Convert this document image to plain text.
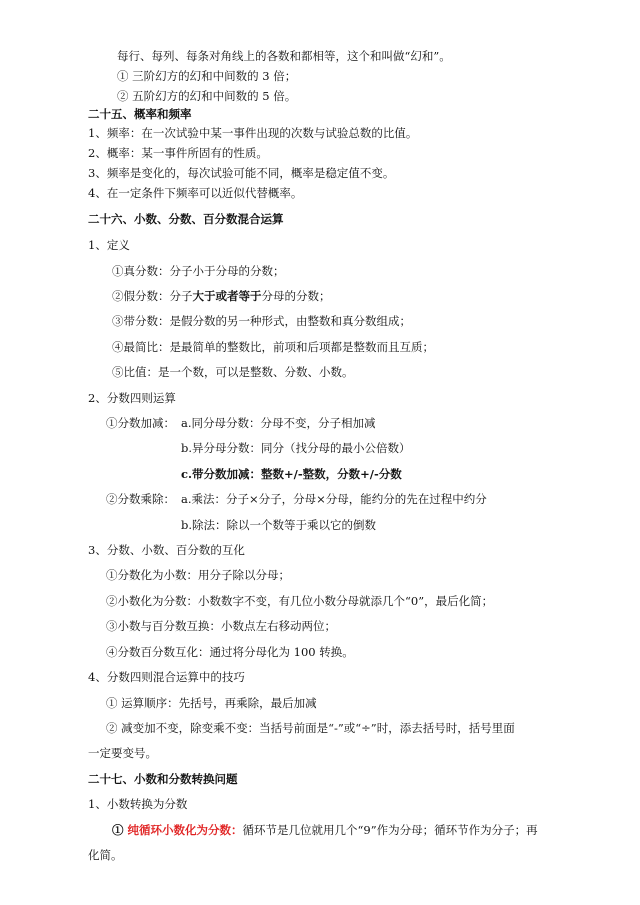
每行、每列、每条对角线上的各数和都相等，这个和叫做“幻和”。
① 三阶幻方的幻和中间数的 3 倍；
② 五阶幻方的幻和中间数的 5 倍。
二十五、概率和频率
1、频率：在一次试验中某一事件出现的次数与试验总数的比值。
2、概率：某一事件所固有的性质。
3、频率是变化的，每次试验可能不同，概率是稳定值不变。
4、在一定条件下频率可以近似代替概率。
二十六、小数、分数、百分数混合运算
1、定义
①真分数：分子小于分母的分数；
②假分数：分子大于或者等于分母的分数；
③带分数：是假分数的另一种形式，由整数和真分数组成；
④最简比：是最简单的整数比，前项和后项都是整数而且互质；
⑤比值：是一个数，可以是整数、分数、小数。
2、分数四则运算
①分数加减： a.同分母分数：分母不变，分子相加减
b.异分母分数：同分（找分母的最小公倍数）
c.带分数加减：整数+/-整数，分数+/-分数
②分数乘除： a.乘法：分子×分子，分母×分母，能约分的先在过程中约分
b.除法：除以一个数等于乘以它的倒数
3、分数、小数、百分数的互化
①分数化为小数：用分子除以分母；
②小数化为分数：小数数字不变，有几位小数分母就添几个“0”，最后化简；
③小数与百分数互换：小数点左右移动两位；
④分数百分数互化：通过将分母化为 100 转换。
4、分数四则混合运算中的技巧
① 运算顺序：先括号，再乘除，最后加减
② 减变加不变，除变乘不变：当括号前面是“-”或“÷”时，添去括号时，括号里面
一定要变号。
二十七、小数和分数转换问题
1、小数转换为分数
① 纯循环小数化为分数：循环节是几位就用几个“9”作为分母；循环节作为分子；再
化简。
